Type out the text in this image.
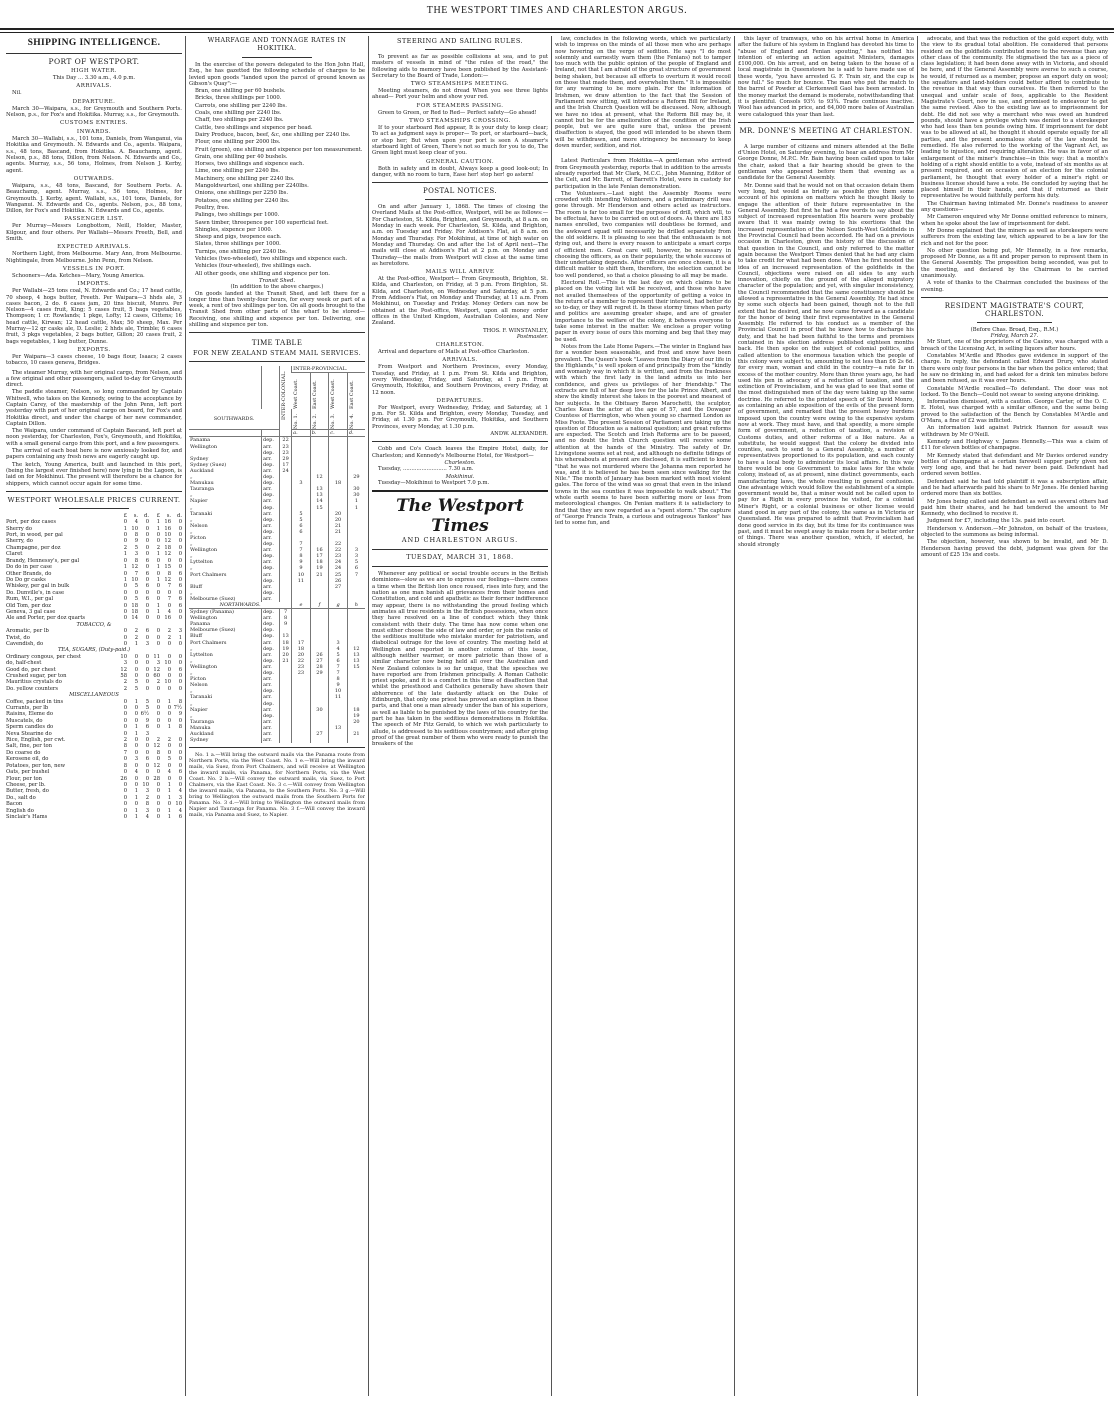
THE WESTPORT TIMES AND CHARLESTON ARGUS.
SHIPPING INTELLIGENCE.
PORT OF WESTPORT.
HIGH WATER.
This Day ... 3.30 a.m., 4.0 p.m.
ARRIVALS.

Nil.

DEPARTURE.

March 30—Waipara, s.s., for Greymouth and Southern Ports. Nelson, p.s., for Fox's and Hokitika. Murray, s.s., for Greymouth.

CUSTOMS ENTRIES.
INWARDS.

March 30—Wallabi, s.s., 101 tons, Daniels, from Wanganui, via Hokitika and Greymouth. N. Edwards and Co., agents. Waipara, s.s., 48 tons, Bascand, from Hokitika. A. Beauchamp, agent. Nelson, p.s., 88 tons, Dillon, from Nelson. N. Edwards and Co., agents. Murray, s.s., 56 tons, Holmes, from Nelson J. Kerby, agent.

OUTWARDS.

Waipara, s.s., 48 tons, Bascand, for Southern Ports. A. Beauchamp, agent. Murray, s.s., 56 tons, Holmes, for Greymouth. J. Kerby, agent. Wallabi, s.s., 101 tons, Daniels, for Wanganui. N. Edwards and Co., agents. Nelson, p.s., 88 tons, Dillon, for Fox's and Hokitika. N. Edwards and Co., agents.

PASSENGER LIST.

Per Murray—Messrs Longbottom, Neill, Holder, Master, Kilgour, and four others. Per Wallabi—Messrs Freeth, Bell, and Smith.

EXPECTED ARRIVALS.

Northern Light, from Melbourne. Mary Ann, from Melbourne. Nightingale, from Melbourne. John Penn, from Nelson.

VESSELS IN PORT.

Schooners—Ada. Ketches—Mary, Young America.

IMPORTS.

Per Wallabi—25 tons coal, N. Edwards and Co.; 17 head cattle, 70 sheep, 4 hogs butter, Freeth. Per Waipara—3 hhds ale, 3 cases bacon, 2 do. 6 cases jam, 20 tins biscuit, Munro. Per Nelson—4 cases fruit, King; 5 cases fruit, 5 bags vegetables, Thompson; 1 cr. Rowlands; 1 pkge, Lofty; 12 cases, Cittens; 16 head cattle, Kirwan; 12 head cattle, Max; 50 sheep, Max. Per Murray—12 qr casks ale, D. Leslie; 2 hhds ale, Trimble; 6 cases fruit, 3 pkgs vegetables, 2 bags butter, Gillon; 20 cases fruit, 2 bags vegetables, 1 keg butter, Dunne.

EXPORTS.

Per Waipara—3 cases cheese, 10 bags flour, Isaacs; 2 cases tobacco, 10 cases geneva, Bridges.

The steamer Murray, with her original cargo, from Nelson, and a few original and other passengers, sailed to-day for Greymouth direct.

The paddle steamer, Nelson, so long commanded by Captain Whitwell, who takes on the Kennedy, owing to the acceptance by Captain Carey, of the mastership of the John Penn, left port yesterday with part of her original cargo on board, for Fox's and Hokitika direct, and under the charge of her new commander, Captain Dillon.

The Waipara, under command of Captain Bascand, left port at noon yesterday, for Charleston, Fox's, Greymouth, and Hokitika, with a small general cargo from this port, and a few passengers.

The arrival of each boat here is now anxiously looked for, and papers containing any fresh news are eagerly caught up.

The ketch, Young America, built and launched in this port, (being the largest ever finished here) now lying in the Lagoon, is laid on for Mokihinui. The present will therefore be a chance for shippers, which cannot occur again for some time.

WESTPORT WHOLESALE PRICES CURRENT.
	£	s.	d.	£	s.	d.
Port, per doz cases	0	4	0	1	16	0
Sherry do	1	10	0	1	16	0
Port, in wood, per gal	0	8	0	0	10	0
Sherry, do	0	9	0	0	12	0
Champagne, per doz	2	5	0	2	18	0
Claret	1	3	0	1	12	0
Brandy, Hennessy's, per gal	0	8	6	0	0	0
Do do in per case	1	12	0	1	15	0
Other Brands, do	0	7	6	0	8	6
Do Do gr casks	1	10	0	1	12	0
Whiskey, per gal in bulk	0	5	6	0	7	6
Do. Dunville's, in case	0	0	0	0	0	0
Rum, W.I., per gal	0	5	6	0	7	6
Old Tom, per doz	0	18	0	1	0	6
Geneva, 3 gal case	0	18	0	1	4	0
Ale and Porter, per doz quarts	0	14	0	0	16	0
TOBACCO, &						
Aromatic, per lb	0	2	6	0	2	3
Twist, do	0	2	0	0	2	1
Cavendish, do	0	1	3	0	0	0
TEA, SUGARS, (Duty-paid.)						
Ordinary congous, per chest	10	0	0	11	0	0
do, half-chest	3	0	0	3	10	0
Good do, per chest	12	0	0	12	0	6
Crushed sugar, per ton	58	0	0	60	0	0
Mauritius crystals do	2	5	0	2	10	0
Do. yellow counters	2	5	0	0	0	0
MISCELLANEOUS						
Coffee, packed in tins	0	1	5	0	1	8
Currants, per lb	0	0	5	0	0	7½
Raisins, Eleme do	0	0	6½	0	0	9
Muscatels, do	0	0	9	0	0	0
Sperm candles do	0	1	6	0	1	8
Neva Stearine do	0	1	3			
Rice, English, per cwt.	2	0	0	2	2	0
Salt, fine, per ton	8	0	0	12	0	0
Do coarse do	7	0	0	8	0	0
Kerosene oil, do	0	3	6	0	5	0
Potatoes, per ton, new	8	0	0	12	0	0
Oats, per bushel	0	4	0	0	4	6
Flour, per ton	26	0	0	28	0	0
Cheese, per lb.	0	0	10	0	1	0
Butter, fresh, do	0	1	3	0	1	4
Do., salt do	0	1	2	0	1	3
Bacon	0	0	8	0	0	10
English do	0	1	3	0	1	4
Sinclair's Hams	0	1	4	0	1	6
WHARFAGE AND TONNAGE RATES IN HOKITIKA.

In the exercise of the powers delegated to the Hon John Hall, Esq., he has gazetted the following schedule of charges to be levied upon goods "landed upon the parcel of ground known as Gibson's Quay":—

Bran, one shilling per 60 bushels.

Bricks, three shillings per 1000.

Carrots, one shilling per 2240 lbs.

Coals, one shilling per 2240 lbs.

Chaff, two shillings per 2240 lbs.

Cattle, two shillings and sixpence per head.

Dairy Produce, bacon, beef, &c, one shilling per 2240 lbs.

Flour, one shilling per 2000 lbs.

Fruit (green), one shilling and sixpence per ton measurement.

Grain, one shilling per 40 bushels.

Horses, two shillings and sixpence each.

Lime, one shilling per 2240 lbs.

Machinery, one shilling per 2240 lbs.

Mangoldwurtzel, one shilling per 2240lbs.

Onions, one shillings per 2250 lbs.

Potatoes, one shilling per 2240 lbs.

Poultry, free.

Palings, two shillings per 1000.

Sawn timber, threepence per 100 superficial feet.

Shingles, sixpence per 1000.

Sheep and pigs, twopence each.

Slates, three shillings per 1000.

Turnips, one shilling per 2240 lbs.

Vehicles (two-wheeled), two shillings and sixpence each.

Vehicles (four-wheeled), five shillings each.

All other goods, one shilling and sixpence per ton.

Transit Shed.
(In addition to the above charges.)

On goods landed at the Transit Shed, and left there for a longer time than twenty-four hours, for every week or part of a week, a rent of two shillings per ton. On all goods brought to the Transit Shed from other parts of the wharf to be stored—Receiving, one shilling and sixpence per ton. Delivering, one shilling and sixpence per ton.

TIME TABLE
FOR NEW ZEALAND STEAM MAIL SERVICES.

		INTER-COLONIAL.	INTER-PROVINCIAL.			

			West Coast.	East Coast.	West Coast.	East Coast.

SOUTHWARDS.			No. 1.	No. 2.	No. 3.	No. 4.

			a.	b.	c.	d.
Panama	dep.	22				
Wellington	arr.	23				
	dep.	23				
Sydney	arr.	29				
Sydney (Suez)	dep.	17				
Auckland	arr.	24				
„	dep.			12		29
Manukau	dep.		3		18	
Tauranga	arr.			13		30
„	dep.			13		30
Napier	arr.			14		1
„	dep.			15		1
Taranaki	arr.		5		20	
„	dep.		5		20	
Nelson	arr.		6		21	
„	dep.		6		21	
Picton	arr.					
„	dep.		7		22	
Wellington	arr.		7	16	22	3
„	dep.		8	17	23	3
Lyttelton	arr.		9	18	24	5
„	dep.		9	19	24	6
Port Chalmers	arr.		10	21	25	7
	dep.		11		26	
Bluff	arr.				27	
„	dep.					
Melbourne (Suez)	arr.					
NORTHWARDS.			e	f	g	h
Sydney (Panama)	dep.	7				
Wellington	arr.	8				
Panama	dep.	9				
Melbourne (Suez)	dep.					
Bluff	dep.	13				
Port Chalmers	arr.	18	17		3	
„	dep.	19	18		4	12
Lyttelton	arr.	20	20	26	5	13
„	dep.	21	22	27	6	13
Wellington	arr.		23	28	7	15
„	dep.		23	29	7	
Picton	arr.				8	
Nelson	arr.				9	
„	dep.				10	
Taranaki	arr.				11	
„	dep.					
Napier	arr.			30		18
„	dep.					19
Tauranga	arr.					20
Manuka	arr.				13	
Auckland	arr.			27		21
Sydney	arr.					

No. 1 a.—Will bring the outward mails via the Panama route from Northern Ports, via the West Coast. No. 1 e.—Will bring the inward mails, via Suez, from Port Chalmers, and will receive at Wellington the inward mails, via Panama, for Northern Ports, via the West Coast. No. 2 b.—Will convey the outward mails, via Suez, to Port Chalmers, via the East Coast. No. 3 c.—Will convey from Wellington the inward mails, via Panama, to the Southern Ports. No. 3 g.—Will bring to Wellington the outward mails from the Southern Ports for Panama. No. 3 d.—Will bring to Wellington the outward mails from Napier and Tauranga for Panama. No. 3 f.—Will convey the inward mails, via Panama and Suez, to Napier.

STEERING AND SAILING RULES.

To prevent as far as possible collisions at sea, and to put masters of vessels in mind of "the rules of the road," the following aids to memory have been published by the Assistant-Secretary to the Board of Trade, London:—

TWO STEAMSHIPS MEETING.

Meeting steamers, do not dread When you see three lights ahead— Port your helm and show your red.

FOR STEAMERS PASSING.

Green to Green, or Red to Red— Perfect safety—Go ahead!

TWO STEAMSHIPS CROSSING.

If to your starboard Red appear, It is your duty to keep clear; To act as judgment says is proper— To port, or starboard—back, or stop her; But when upon your port is seen A steamer's starboard light of Green, There's not so much for you to do, The Green light must keep clear of you.

GENERAL CAUTION.

Both in safety and in doubt, Always keep a good look-out; In danger, with no room to turn, Ease her! stop her! go astern!

POSTAL NOTICES.

On and after January 1, 1868. The times of closing the Overland Mails at the Post-office, Westport, will be as follows:— For Charleston, St. Kilda, Brighton, and Greymouth, at 8 a.m. on Monday in each week. For Charleston, St. Kilda, and Brighton, a.m. on Tuesday and Friday. For Addison's Flat, at 8 a.m. on Monday and Thursday. For Mokihinui, at time of high water on Monday and Thursday. On and after the 1st of April next—The mails will close at Addison's Flat at 2 p.m. on Monday and Thursday—the mails from Westport will close at the same time as heretofore.

MAILS WILL ARRIVE

At the Post-office, Westport— From Greymouth, Brighton, St. Kilda, and Charleston, on Friday, at 5 p.m. From Brighton, St. Kilda, and Charleston, on Wednesday and Saturday, at 5 p.m. From Addison's Flat, on Monday and Thursday, at 11 a.m. From Mokihinui, on Tuesday and Friday. Money Orders can now be obtained at the Post-office, Westport, upon all money order offices in the United Kingdom, Australian Colonies, and New Zealand.

THOS. F. WINSTANLEY,
Postmaster.
CHARLESTON.

Arrival and departure of Mails at Post-office Charleston.

ARRIVALS.

From Westport and Northern Provinces, every Monday, Tuesday, and Friday, at 1 p.m. From St. Kilda and Brighton, every Wednesday, Friday, and Saturday, at 1 p.m. From Greymouth, Hokitika, and Southern Provinces, every Friday, at 12 noon.

DEPARTURES.

For Westport, every Wednesday, Friday, and Saturday, at 1 p.m. For St. Kilda and Brighton, every Monday, Tuesday, and Friday, at 1.30 p.m. For Greymouth, Hokitika, and Southern Provinces, every Monday, at 1.30 p.m.

ANDW. ALEXANDER.

Cobb and Co's Coach leaves the Empire Hotel, daily, for Charleston; and Kennedy's Melbourne Hotel, for Westport—

Charleston.

Tuesday, .......................... 7.30 a.m.

Mokihinui.

Tuesday—Mokihinui to Westport 7.0 p.m.

The Westport Times
AND CHARLESTON ARGUS.
TUESDAY, MARCH 31, 1868.

Whenever any political or social trouble occurs in the British dominions—slow as we are to express our feelings—there comes a time when the British lion once roused, rises into fury, and the nation as one man banish all grievances from their homes and Constitution, and cold and apathetic as their former indifference may appear, there is no withstanding the proud feeling which animates all true residents in the British possessions, when once they have resolved on a line of conduct which they think consistent with their duty. The time has now come when one must either choose the side of law and order, or join the ranks of the seditious multitude who mistake murder for patriotism, and diabolical outrage for the love of country. The meeting held at Wellington and reported in another column of this issue, although neither warmer, or more patriotic than those of a similar character now being held all over the Australian and New Zealand colonies is so far unique, that the speeches we have reported are from Irishmen principally. A Roman Catholic priest spoke, and it is a comfort in this time of disaffection that whilst the priesthood and Catholics generally have shown their abhorrence of the late dastardly attack on the Duke of Edinburgh, that only one priest has proved an exception in these parts, and that one a man already under the ban of his superiors, as well as liable to be punished by the laws of his country for the part he has taken in the seditious demonstrations in Hokitika. The speech of Mr Fitz Gerald, to which we wish particularly to allude, is addressed to his seditious countrymen; and after giving proof of the great number of them who were ready to punish the breakers of the

law, concludes in the following words, which we particularly wish to impress on the minds of all those men who are perhaps now hovering on the verge of sedition. He says "I do most solemnly and earnestly warn them (the Fenians) not to tamper too much with the public opinion of the people of England and Ireland, not that I am afraid of the great structure of government being shaken, but because all efforts to overturn it would recoil on those that made them, and overwhelm them." It is impossible for any warning to be more plain. For the information of Irishmen, we draw attention to the fact that the Session of Parliament now sitting, will introduce a Reform Bill for Ireland, and the Irish Church Question will be discussed. Now, although we have no idea at present, what the Reform Bill may be, it cannot but be for the amelioration of the condition of the Irish people, but we are quite sure that, unless the present disaffection is stayed, the good will intended to be shewn them will be withdrawn, and more stringency be necessary to keep down murder, sedition, and riot.

Latest Particulars from Hokitika.—A gentleman who arrived from Greymouth yesterday, reports that in addition to the arrests already reported that Mr Clark, M.C.C., John Manning, Editor of the Celt, and Mr. Barrett, of Barrett's Hotel, were in custody for participation in the late Fenian demonstration.

The Volunteers.—Last night the Assembly Rooms were crowded with intending Volunteers, and a preliminary drill was gone through. Mr Henderson and others acted as instructors. The room is far too small for the purposes of drill, which will, to be effectual, have to be carried on out of doors. As there are 183 names enrolled, two companies will doubtless be formed, and the awkward squad will necessarily be drilled separately from the old soldiers. It is pleasing to see that the enthusiasm is not dying out, and there is every reason to anticipate a smart corps of efficient men. Great care will, however, be necessary in choosing the officers, as on their popularity, the whole success of their undertaking depends. After officers are once chosen, it is a difficult matter to shift them, therefore, the selection cannot be too well pondered, so that a choice pleasing to all may be made.

Electoral Roll.—This is the last day on which claims to be placed on the voting list will be received, and those who have not availed themselves of the opportunity of getting a voice in the return of a member to represent their interest, had better do so to-day, or they will regret it. In these stormy times when party and politics are assuming greater shape, and are of greater importance to the welfare of the colony, it behoves everyone to take some interest in the matter. We enclose a proper voting paper in every issue of ours this morning and beg that they may be used.

Notes from the Late Home Papers.—The winter in England has for a wonder been seasonable, and frost and snow have been prevalent. The Queen's book "Leaves from the Diary of our life in the Highlands," is well spoken of and principally from the "kindly and womanly way in which it is written, and from the frankness with which the first lady in the land admits us into her confidence, and gives us privileges of her friendship." The extracts are full of her deep love for the late Prince Albert, and shew the kindly interest she takes in the poorest and meanest of her subjects. In the Obituary Baron Marochetti, the sculptor, Charles Kean the actor at the age of 57, and the Dowager Countess of Harrington, who when young so charmed London as Miss Foote. The present Session of Parliament are taking up the question of Education as a national question; and great reforms are expected. The Scotch and Irish Reforms are to be passed, and no doubt the Irish Church question will receive some attention at the hands of the Ministry. The safety of Dr. Livingstone seems set at rest, and although no definite tidings of his whereabouts at present are disclosed, it is sufficient to know "that he was not murdered where the Johanna men reported he was, and it is believed he has been seen since walking for the Nile." The month of January has been marked with most violent gales. The force of the wind was so great that even in the inland towns in the sea counties it was impossible to walk about." The whole earth seems to have been suffering more or less from meteorological changes. On Fenian matters it is satisfactory to find that they are now regarded as a "spent storm." The capture of "George Francis Train, a curious and outrageous Yankee" has led to some fun, and

this layer of tramways, who on his arrival home in America after the failure of his system in England has devoted his time to "abuse of England and Fenian spouting," has notified his intention of entering an action against Ministers, damages £100,000. On his arrest, and on being taken to the house of a local magistrate in Queenstown he is said to have made use of these words, "you have arrested G. F. Train sir, and the cup is now full." So much for bounce. The man who put the match to the barrel of Powder at Clerkenwell Gaol has been arrested. In the money market the demand is moderate, notwithstanding that it is plentiful. Consols 93½ to 93¾. Trade continues inactive. Wool has advanced in price, and 64,000 more bales of Australian were catalogued this year than last.

MR. DONNE'S MEETING AT CHARLESTON.

A large number of citizens and miners attended at the Belle d'Union Hotel, on Saturday evening, to hear an address from Mr George Donne, M.P.C. Mr. Bain having been called upon to take the chair, asked that a fair hearing should be given to the gentleman who appeared before them that evening as a candidate for the General Assembly.

Mr. Donne said that he would not on that occasion detain them very long, but would as briefly as possible give them some account of his opinions on matters which he thought likely to engage the attention of their future representative in the General Assembly. But first he had a few words to say about the subject of increased representation His hearers were probably aware that it was mainly owing to his exertions that the increased representation of the Nelson South-West Goldfields in the Provincial Council had been accorded. He had on a previous occasion in Charleston, given the history of the discussion of that question in the Council, and only referred to the matter again because the Westport Times denied that he had any claim to take credit for what had been done. When he first mooted the idea of an increased representation of the goldfields in the Council, objections were raised on all sides to any such innovation, chiefly on the ground of the alleged migratory character of the population; and yet, with singular inconsistency, the Council recommended that the same constituency should be allowed a representative in the General Assembly. He had since by some such objects had been gained, though not to the full extent that he desired, and he now came forward as a candidate for the honor of being their first representative in the General Assembly. He referred to his conduct as a member of the Provincial Council in proof that he knew how to discharge his duty, and that he had been faithful to the terms and promises contained in his election address published eighteen months back. He then spoke on the subject of colonial politics, and called attention to the enormous taxation which the people of this colony were subject to, amounting to not less than £6 2s 6d. for every man, woman and child in the country—a rate far in excess of the mother country. More than three years ago, he had used his pen in advocacy of a reduction of taxation, and the extinction of Provincialism, and he was glad to see that some of the most distinguished men of the day were taking up the same doctrine. He referred to the printed speech of Sir David Monro, as containing an able exposition of the evils of the present form of government, and remarked that the present heavy burdens imposed upon the country were owing to the expensive system now at work. They must have, and that speedily, a more simple form of government, a reduction of taxation, a revision of Customs duties, and other reforms of a like nature. As a substitute, he would suggest that the colony be divided into counties, each to send to a General Assembly, a number of representatives proportioned to its population, and each county to have a local body to administer its local affairs. In this way there would be one Government to make laws for the whole colony, instead of, as at present, nine distinct governments, each manufacturing laws, the whole resulting in general confusion. One advantage which would follow the establishment of a simple government would be, that a miner would not be called upon to pay for a Right in every province he visited, for a colonial Miner's Right, or a colonial business or other license would stand good in any part of the colony, the same as in Victoria or Queensland. He was prepared to admit that Provincialism had done good service in its day, but its time for its continuance was past, and it must be swept away to make room for a better order of things. There was another question, which, if elected, he should strongly

advocate, and that was the reduction of the gold export duty, with the view to its gradual total abolition. He considered that persons resident on the goldfields contributed more to the revenue than any other class of the community. He stigmatised the tax as a piece of class legislation; it had been done away with in Victoria, and should be here, and if the General Assembly were averse to such a course, he would, if returned as a member, propose an export duty on wool; the squatters and land-holders could better afford to contribute to the revenue in that way than ourselves. He then referred to the unequal and unfair scale of fees, applicable to the Resident Magistrate's Court, now in use, and promised to endeavour to get the same revised. Also to the existing law as to imprisonment for debt. He did not see why a merchant who was owed an hundred pounds, should have a privilege which was denied to a storekeeper who had less than ten pounds owing him. If imprisonment for debt was to be allowed at all, he thought it should operate equally for all parties, and the present anomalous state of the law should be remedied. He also referred to the working of the Vagrant Act, as leading to injustice, and requiring alteration. He was in favor of an enlargement of the miner's franchise—in this way: that a month's holding of a right should entitle to a vote, instead of six months as at present required, and on occasion of an election for the colonial parliament, he thought that every holder of a miner's right or business license should have a vote. He concluded by saying that he placed himself in their hands, and that if returned as their representative he would faithfully perform his duty.

The Chairman having intimated Mr. Donne's readiness to answer any questions—

Mr Cameron enquired why Mr Donne omitted reference to miners, when he spoke about the law of imprisonment for debt.

Mr Donne explained that the miners as well as storekeepers were sufferers from the existing law, which appeared to be a law for the rich and not for the poor.

No other question being put, Mr Hennelly, in a few remarks, proposed Mr Donne, as a fit and proper person to represent them in the General Assembly. The proposition being seconded, was put to the meeting, and declared by the Chairman to be carried unanimously.

A vote of thanks to the Chairman concluded the business of the evening.

RESIDENT MAGISTRATE'S COURT, CHARLESTON.
(Before Chas. Broad, Esq., R.M.)
Friday, March 27.

Mr Sturt, one of the proprietors of the Casino, was charged with a breach of the Licensing Act, in selling liquors after hours.

Constables M'Ardle and Rhodes gave evidence in support of the charge. In reply, the defendant called Edward Drury, who stated there were only four persons in the bar when the police entered; that he saw no drinking in, and had asked for a drink ten minutes before and been refused, as it was over hours.

Constable M'Ardle recalled—To defendant. The door was not locked. To the Bench—Could not swear to seeing anyone drinking.

Information dismissed, with a caution. George Carter, of the O. C. E. Hotel, was charged with a similar offence, and the same being proved to the satisfaction of the Bench by Constables M'Ardle and O'Mara, a fine of £2 was inflicted.

An information laid against Patrick Hannon for assault was withdrawn by Mr O'Neill.

Kennedy and Heighway v. James Hennelly.—This was a claim of £11 for eleven bottles of champagne.

Mr Kennedy stated that defendant and Mr Davies ordered sundry bottles of champagne at a certain farewell supper party given not very long ago, and that he had never been paid. Defendant had ordered seven bottles.

Defendant said he had told plaintiff it was a subscription affair, and he had afterwards paid his share to Mr Jones. He denied having ordered more than six bottles.

Mr Jones being called said defendant as well as several others had paid him their shares, and he had tendered the amount to Mr Kennedy, who declined to receive it.

Judgment for £7, including the 13s. paid into court.

Henderson v. Anderson.—Mr Johnston, on behalf of the trustees, objected to the summons as being informal.

The objection, however, was shown to be invalid, and Mr D. Henderson having proved the debt, judgment was given for the amount of £25 15s and costs.
